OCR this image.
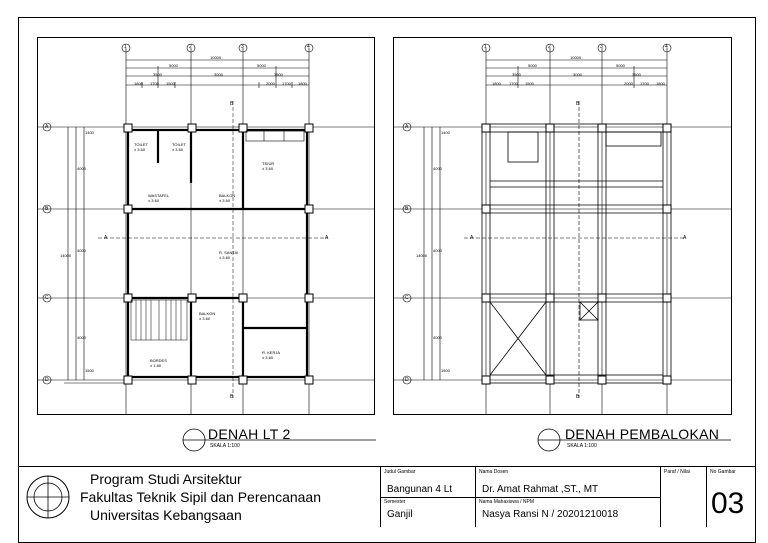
1	2	3	4
A
B
C
D
10000
5000	5000
3500	3000	3500
1800 1700 1500	2000 1700 1800
1400
4000
4000
14000
4000
1500
B
B
A	A
TOILET
± 3.60
TOILET
± 3.60
WASTAFEL
± 3.60
BALKON
± 3.60
TIDUR
± 3.60
R. SANTAI
± 3.60
BALKON
± 3.60
R. KERJA
± 3.60
BORDES
± 1.80
1	2	3	4
A
B
C
D
10000
5000	5000
3500	3000	3500
1800 1700 1500	2000 1700 1800
1400
4000
4000
14000
4000
1500
B
B
A	A
DENAH LT 2
SKALA 1:100
DENAH PEMBALOKAN
SKALA 1:100
Program Studi Arsitektur
Fakultas Teknik Sipil dan Perencanaan
Universitas Kebangsaan
Judul Gambar
Bangunan 4 Lt
Semester
Ganjil
Nama Dosen
Dr. Amat Rahmat ,ST., MT
Nama Mahasiswa / NPM
Nasya Ransi N / 20201210018
Paraf / Nilai	No Gambar
03
